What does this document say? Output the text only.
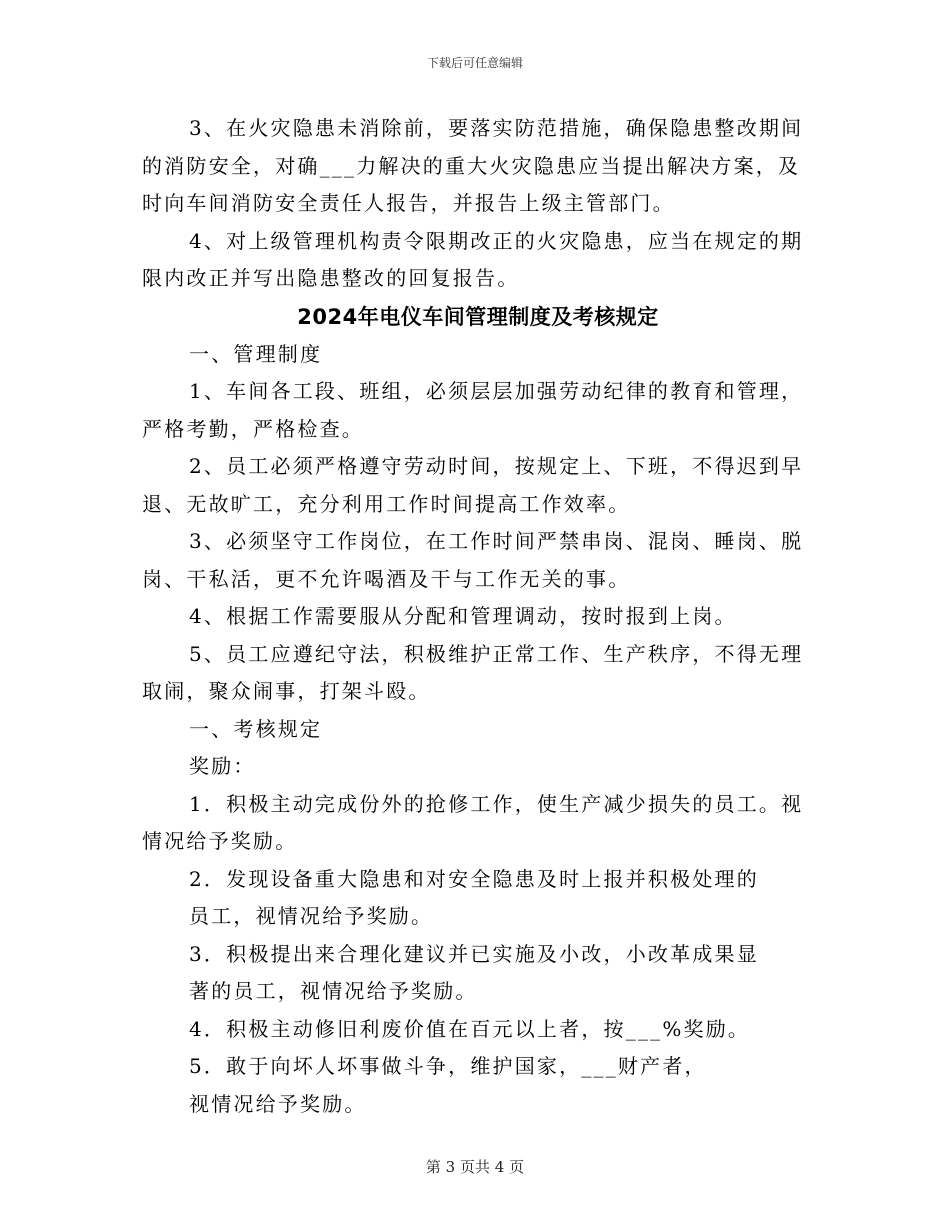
下载后可任意编辑

3、在火灾隐患未消除前，要落实防范措施，确保隐患整改期间的消防安全，对确___力解决的重大火灾隐患应当提出解决方案，及时向车间消防安全责任人报告，并报告上级主管部门。

4、对上级管理机构责令限期改正的火灾隐患，应当在规定的期限内改正并写出隐患整改的回复报告。

2024年电仪车间管理制度及考核规定

一、管理制度

1、车间各工段、班组，必须层层加强劳动纪律的教育和管理，严格考勤，严格检查。

2、员工必须严格遵守劳动时间，按规定上、下班，不得迟到早退、无故旷工，充分利用工作时间提高工作效率。

3、必须坚守工作岗位，在工作时间严禁串岗、混岗、睡岗、脱岗、干私活，更不允许喝酒及干与工作无关的事。

4、根据工作需要服从分配和管理调动，按时报到上岗。

5、员工应遵纪守法，积极维护正常工作、生产秩序，不得无理取闹，聚众闹事，打架斗殴。

一、考核规定

奖励：

1．积极主动完成份外的抢修工作，使生产减少损失的员工。视情况给予奖励。

2．发现设备重大隐患和对安全隐患及时上报并积极处理的

员工，视情况给予奖励。

3．积极提出来合理化建议并已实施及小改，小改革成果显

著的员工，视情况给予奖励。

4．积极主动修旧利废价值在百元以上者，按___%奖励。

5．敢于向坏人坏事做斗争，维护国家，___财产者，

视情况给予奖励。

第 3 页共 4 页
